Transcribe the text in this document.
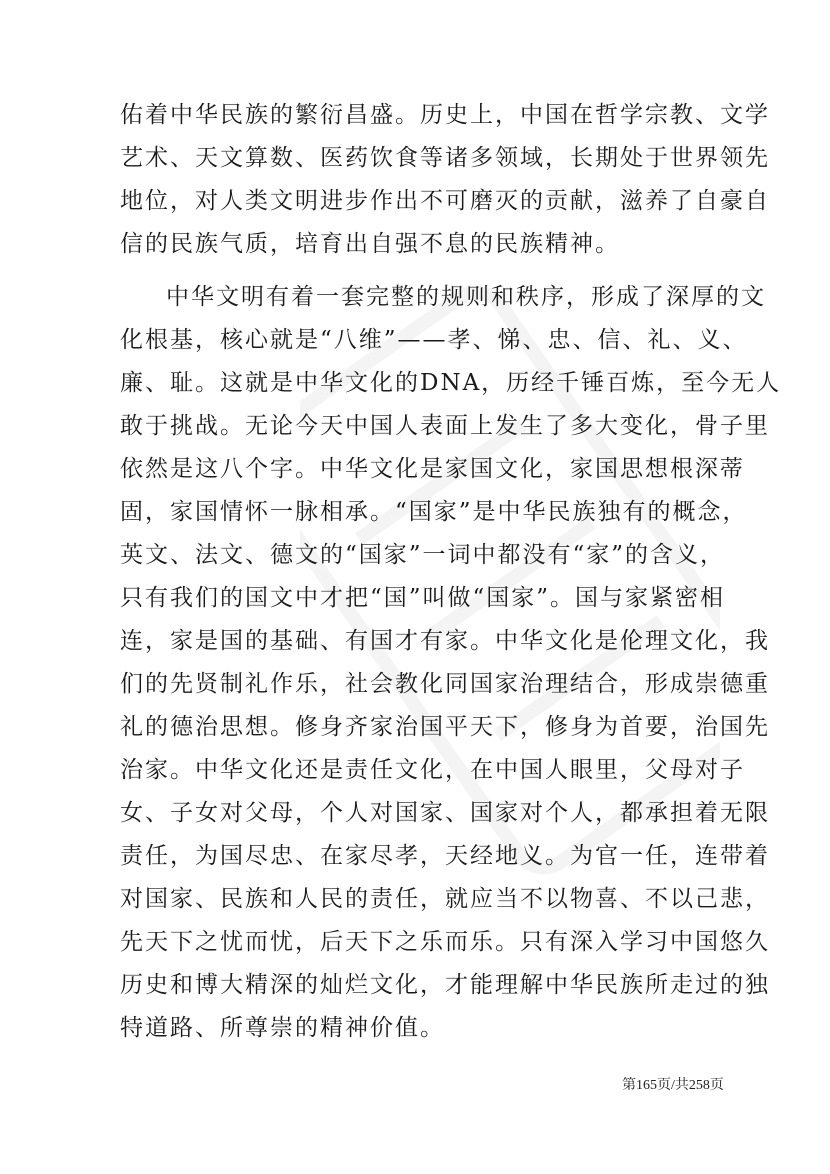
佑着中华民族的繁衍昌盛。历史上，中国在哲学宗教、文学
艺术、天文算数、医药饮食等诸多领域，长期处于世界领先
地位，对人类文明进步作出不可磨灭的贡献，滋养了自豪自
信的民族气质，培育出自强不息的民族精神。
中华文明有着一套完整的规则和秩序，形成了深厚的文
化根基，核心就是“八维”——孝、悌、忠、信、礼、义、
廉、耻。这就是中华文化的DNA，历经千锤百炼，至今无人
敢于挑战。无论今天中国人表面上发生了多大变化，骨子里
依然是这八个字。中华文化是家国文化，家国思想根深蒂
固，家国情怀一脉相承。“国家”是中华民族独有的概念，
英文、法文、德文的“国家”一词中都没有“家”的含义，
只有我们的国文中才把“国”叫做“国家”。国与家紧密相
连，家是国的基础、有国才有家。中华文化是伦理文化，我
们的先贤制礼作乐，社会教化同国家治理结合，形成崇德重
礼的德治思想。修身齐家治国平天下，修身为首要，治国先
治家。中华文化还是责任文化，在中国人眼里，父母对子
女、子女对父母，个人对国家、国家对个人，都承担着无限
责任，为国尽忠、在家尽孝，天经地义。为官一任，连带着
对国家、民族和人民的责任，就应当不以物喜、不以己悲，
先天下之忧而忧，后天下之乐而乐。只有深入学习中国悠久
历史和博大精深的灿烂文化，才能理解中华民族所走过的独
特道路、所尊崇的精神价值。
第165页/共258页
